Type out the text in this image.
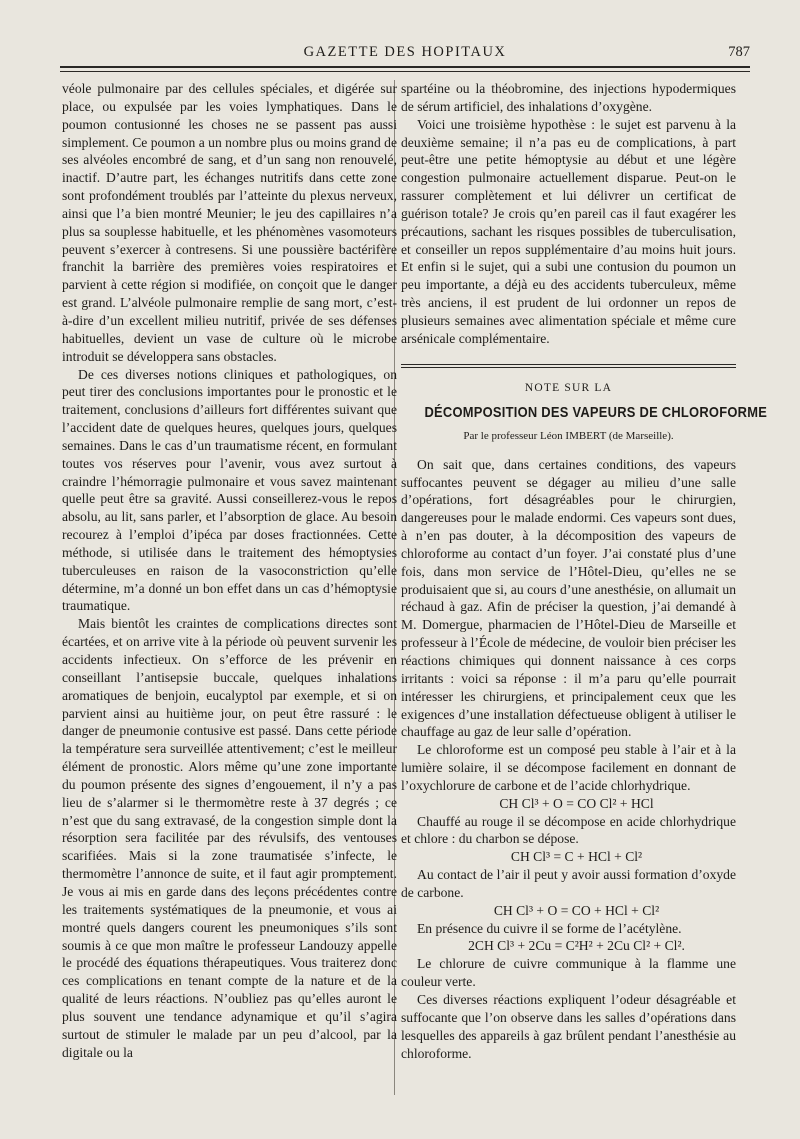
GAZETTE DES HOPITAUX	787

véole pulmonaire par des cellules spéciales, et digérée sur place, ou expulsée par les voies lymphatiques. Dans le poumon contusionné les choses ne se passent pas aussi simplement. Ce poumon a un nombre plus ou moins grand de ses alvéoles encombré de sang, et d’un sang non renouvelé, inactif. D’autre part, les échanges nutritifs dans cette zone sont profondément troublés par l’atteinte du plexus nerveux, ainsi que l’a bien montré Meunier; le jeu des capillaires n’a plus sa souplesse habituelle, et les phénomènes vasomoteurs peuvent s’exercer à contresens. Si une poussière bactérifère franchit la barrière des premières voies respiratoires et parvient à cette région si modifiée, on conçoit que le danger est grand. L’alvéole pulmonaire remplie de sang mort, c’est-à-dire d’un excellent milieu nutritif, privée de ses défenses habituelles, devient un vase de culture où le microbe introduit se développera sans obstacles.

De ces diverses notions cliniques et pathologiques, on peut tirer des conclusions importantes pour le pronostic et le traitement, conclusions d’ailleurs fort différentes suivant que l’accident date de quelques heures, quelques jours, quelques semaines. Dans le cas d’un traumatisme récent, en formulant toutes vos réserves pour l’avenir, vous avez surtout à craindre l’hémorragie pulmonaire et vous savez maintenant quelle peut être sa gravité. Aussi conseillerez-vous le repos absolu, au lit, sans parler, et l’absorption de glace. Au besoin recourez à l’emploi d’ipéca par doses fractionnées. Cette méthode, si utilisée dans le traitement des hémoptysies tuberculeuses en raison de la vasoconstriction qu’elle détermine, m’a donné un bon effet dans un cas d’hémoptysie traumatique.

Mais bientôt les craintes de complications directes sont écartées, et on arrive vite à la période où peuvent survenir les accidents infectieux. On s’efforce de les prévenir en conseillant l’antisepsie buccale, quelques inhalations aromatiques de benjoin, eucalyptol par exemple, et si on parvient ainsi au huitième jour, on peut être rassuré : le danger de pneumonie contusive est passé. Dans cette période la température sera surveillée attentivement; c’est le meilleur élément de pronostic. Alors même qu’une zone importante du poumon présente des signes d’engouement, il n’y a pas lieu de s’alarmer si le thermomètre reste à 37 degrés ; ce n’est que du sang extravasé, de la congestion simple dont la résorption sera facilitée par des révulsifs, des ventouses scarifiées. Mais si la zone traumatisée s’infecte, le thermomètre l’annonce de suite, et il faut agir promptement. Je vous ai mis en garde dans des leçons précédentes contre les traitements systématiques de la pneumonie, et vous ai montré quels dangers courent les pneumoniques s’ils sont soumis à ce que mon maître le professeur Landouzy appelle le procédé des équations thérapeutiques. Vous traiterez donc ces complications en tenant compte de la nature et de la qualité de leurs réactions. N’oubliez pas qu’elles auront le plus souvent une tendance adynamique et qu’il s’agira surtout de stimuler le malade par un peu d’alcool, par la digitale ou la

spartéine ou la théobromine, des injections hypodermiques de sérum artificiel, des inhalations d’oxygène.

Voici une troisième hypothèse : le sujet est parvenu à la deuxième semaine; il n’a pas eu de complications, à part peut-être une petite hémoptysie au début et une légère congestion pulmonaire actuellement disparue. Peut-on le rassurer complètement et lui délivrer un certificat de guérison totale? Je crois qu’en pareil cas il faut exagérer les précautions, sachant les risques possibles de tuberculisation, et conseiller un repos supplémentaire d’au moins huit jours. Et enfin si le sujet, qui a subi une contusion du poumon un peu importante, a déjà eu des accidents tuberculeux, même très anciens, il est prudent de lui ordonner un repos de plusieurs semaines avec alimentation spéciale et même cure arsénicale complémentaire.

NOTE SUR LA
DÉCOMPOSITION DES VAPEURS DE CHLOROFORME
Par le professeur Léon IMBERT (de Marseille).

On sait que, dans certaines conditions, des vapeurs suffocantes peuvent se dégager au milieu d’une salle d’opérations, fort désagréables pour le chirurgien, dangereuses pour le malade endormi. Ces vapeurs sont dues, à n’en pas douter, à la décomposition des vapeurs de chloroforme au contact d’un foyer. J’ai constaté plus d’une fois, dans mon service de l’Hôtel-Dieu, qu’elles ne se produisaient que si, au cours d’une anesthésie, on allumait un réchaud à gaz. Afin de préciser la question, j’ai demandé à M. Domergue, pharmacien de l’Hôtel-Dieu de Marseille et professeur à l’École de médecine, de vouloir bien préciser les réactions chimiques qui donnent naissance à ces corps irritants : voici sa réponse : il m’a paru qu’elle pourrait intéresser les chirurgiens, et principalement ceux que les exigences d’une installation défectueuse obligent à utiliser le chauffage au gaz de leur salle d’opération.

Le chloroforme est un composé peu stable à l’air et à la lumière solaire, il se décompose facilement en donnant de l’oxychlorure de carbone et de l’acide chlorhydrique.

CH Cl³ + O = CO Cl² + HCl

Chauffé au rouge il se décompose en acide chlorhydrique et chlore : du charbon se dépose.

CH Cl³ = C + HCl + Cl²

Au contact de l’air il peut y avoir aussi formation d’oxyde de carbone.

CH Cl³ + O = CO + HCl + Cl²

En présence du cuivre il se forme de l’acétylène.

2CH Cl³ + 2Cu = C²H² + 2Cu Cl² + Cl².

Le chlorure de cuivre communique à la flamme une couleur verte.

Ces diverses réactions expliquent l’odeur désagréable et suffocante que l’on observe dans les salles d’opérations dans lesquelles des appareils à gaz brûlent pendant l’anesthésie au chloroforme.
